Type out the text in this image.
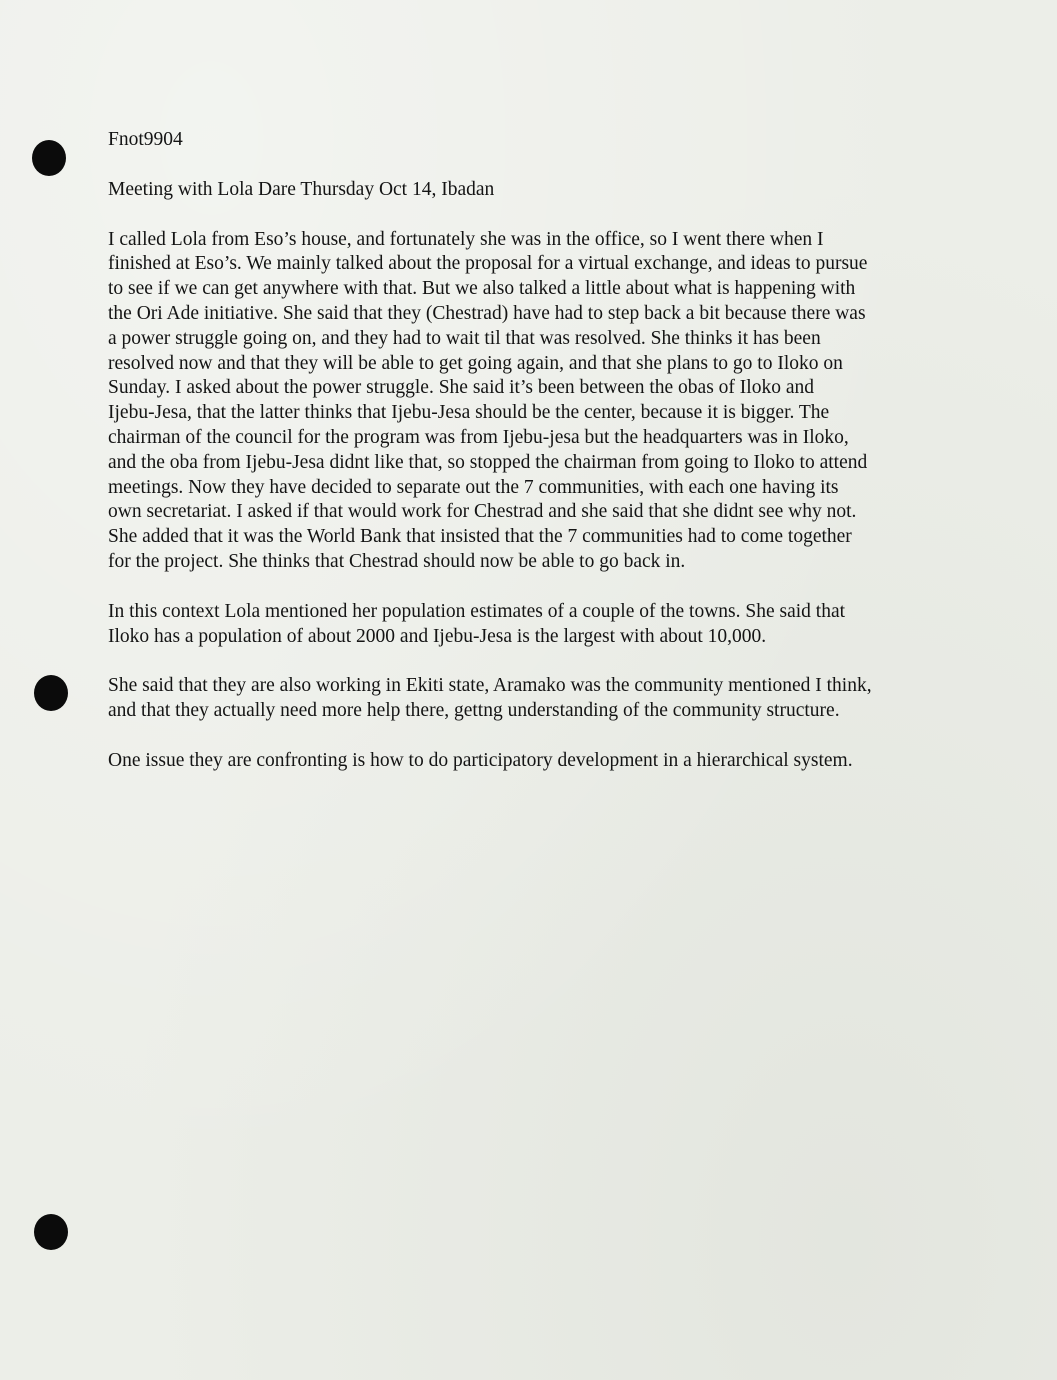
Fnot9904

Meeting with Lola Dare Thursday Oct 14, Ibadan

I called Lola from Eso’s house, and fortunately she was in the office, so I went there when I
finished at Eso’s. We mainly talked about the proposal for a virtual exchange, and ideas to pursue
to see if we can get anywhere with that. But we also talked a little about what is happening with
the Ori Ade initiative. She said that they (Chestrad) have had to step back a bit because there was
a power struggle going on, and they had to wait til that was resolved. She thinks it has been
resolved now and that they will be able to get going again, and that she plans to go to Iloko on
Sunday. I asked about the power struggle. She said it’s been between the obas of Iloko and
Ijebu-Jesa, that the latter thinks that Ijebu-Jesa should be the center, because it is bigger. The
chairman of the council for the program was from Ijebu-jesa but the headquarters was in Iloko,
and the oba from Ijebu-Jesa didnt like that, so stopped the chairman from going to Iloko to attend
meetings. Now they have decided to separate out the 7 communities, with each one having its
own secretariat. I asked if that would work for Chestrad and she said that she didnt see why not.
She added that it was the World Bank that insisted that the 7 communities had to come together
for the project. She thinks that Chestrad should now be able to go back in.

In this context Lola mentioned her population estimates of a couple of the towns. She said that
Iloko has a population of about 2000 and Ijebu-Jesa is the largest with about 10,000.

She said that they are also working in Ekiti state, Aramako was the community mentioned I think,
and that they actually need more help there, gettng understanding of the community structure.

One issue they are confronting is how to do participatory development in a hierarchical system.
